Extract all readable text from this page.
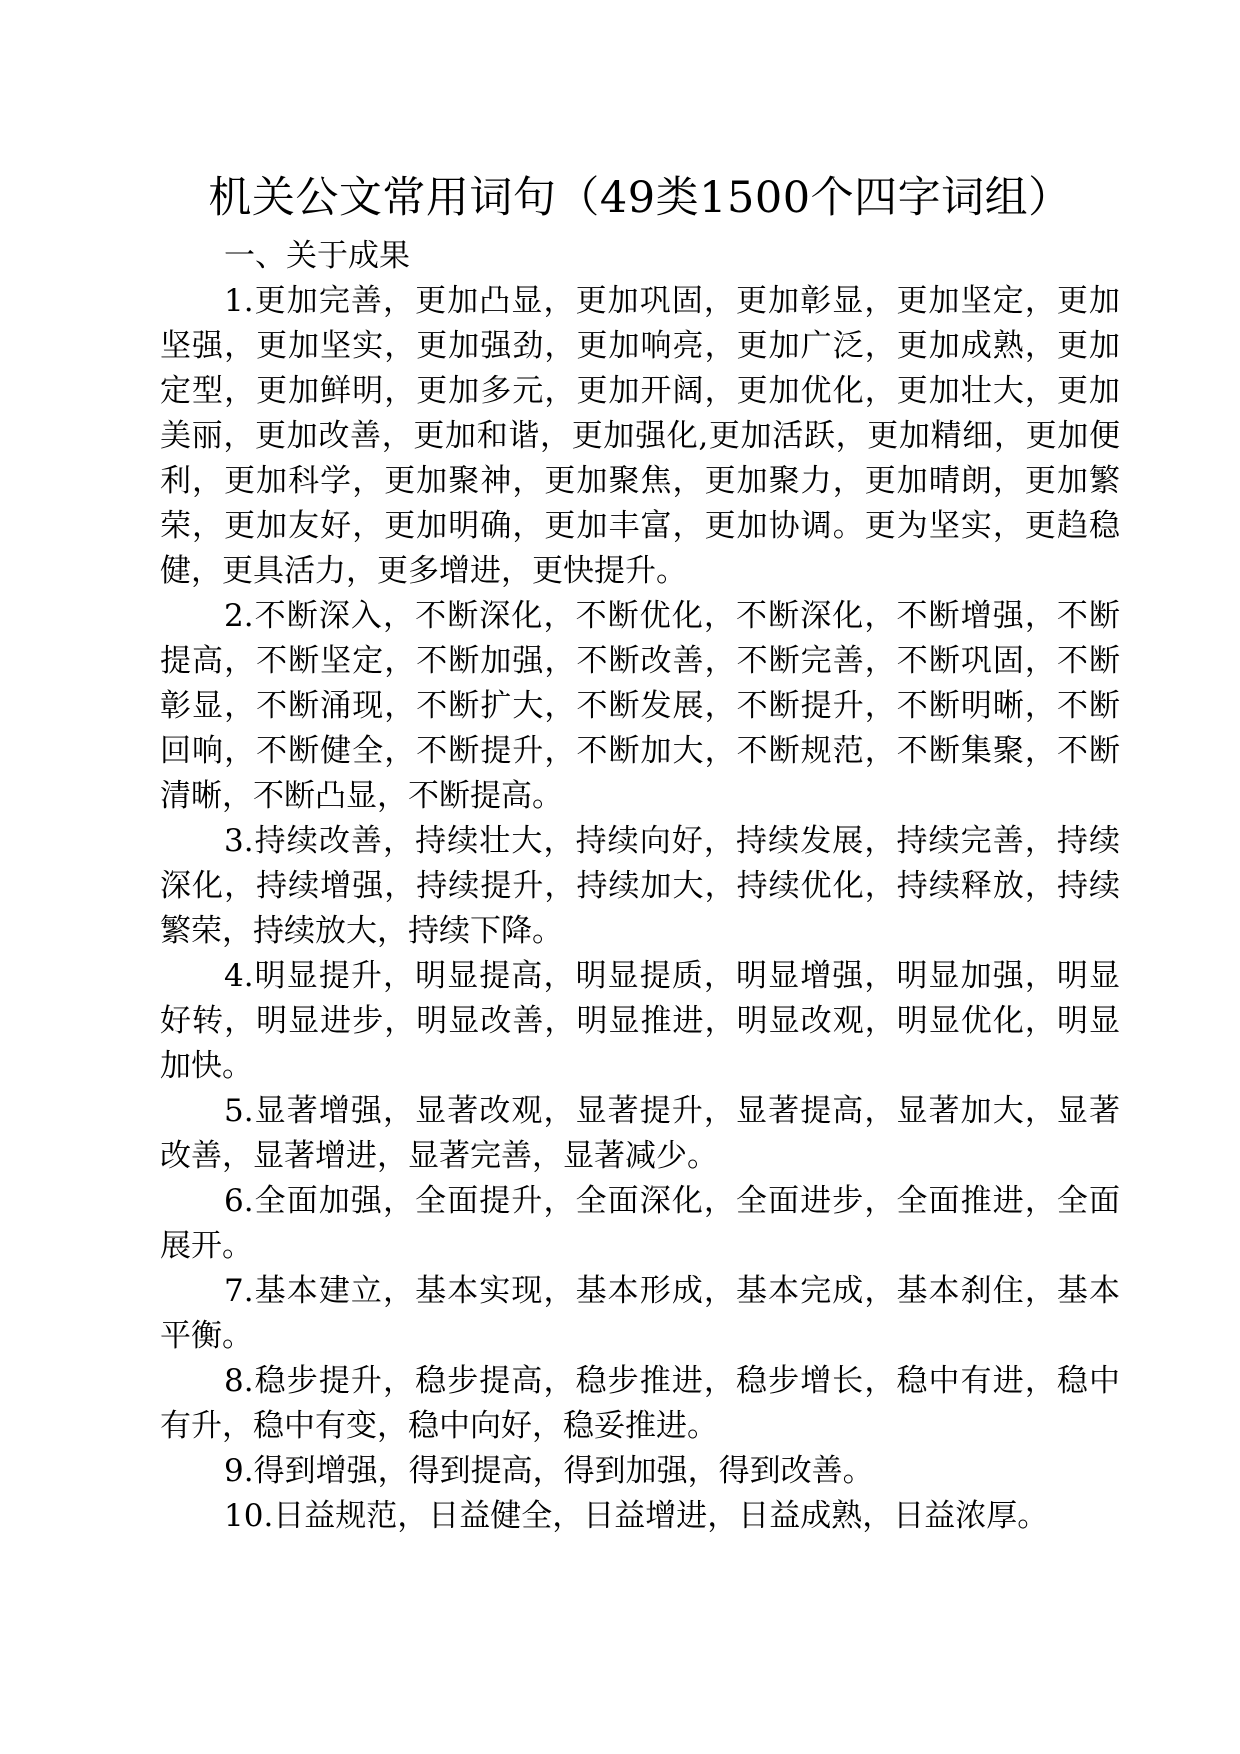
机关公文常用词句（49类1500个四字词组）

一、关于成果

1.更加完善，更加凸显，更加巩固，更加彰显，更加坚定，更加坚强，更加坚实，更加强劲，更加响亮，更加广泛，更加成熟，更加定型，更加鲜明，更加多元，更加开阔，更加优化，更加壮大，更加美丽，更加改善，更加和谐，更加强化,更加活跃，更加精细，更加便利，更加科学，更加聚神，更加聚焦，更加聚力，更加晴朗，更加繁荣，更加友好，更加明确，更加丰富，更加协调。更为坚实，更趋稳健，更具活力，更多增进，更快提升。

2.不断深入，不断深化，不断优化，不断深化，不断增强，不断提高，不断坚定，不断加强，不断改善，不断完善，不断巩固，不断彰显，不断涌现，不断扩大，不断发展，不断提升，不断明晰，不断回响，不断健全，不断提升，不断加大，不断规范，不断集聚，不断清晰，不断凸显，不断提高。

3.持续改善，持续壮大，持续向好，持续发展，持续完善，持续深化，持续增强，持续提升，持续加大，持续优化，持续释放，持续繁荣，持续放大，持续下降。

4.明显提升，明显提高，明显提质，明显增强，明显加强，明显好转，明显进步，明显改善，明显推进，明显改观，明显优化，明显加快。

5.显著增强，显著改观，显著提升，显著提高，显著加大，显著改善，显著增进，显著完善，显著减少。

6.全面加强，全面提升，全面深化，全面进步，全面推进，全面展开。

7.基本建立，基本实现，基本形成，基本完成，基本刹住，基本平衡。

8.稳步提升，稳步提高，稳步推进，稳步增长，稳中有进，稳中有升，稳中有变，稳中向好，稳妥推进。

9.得到增强，得到提高，得到加强，得到改善。

10.日益规范，日益健全，日益增进，日益成熟，日益浓厚。
